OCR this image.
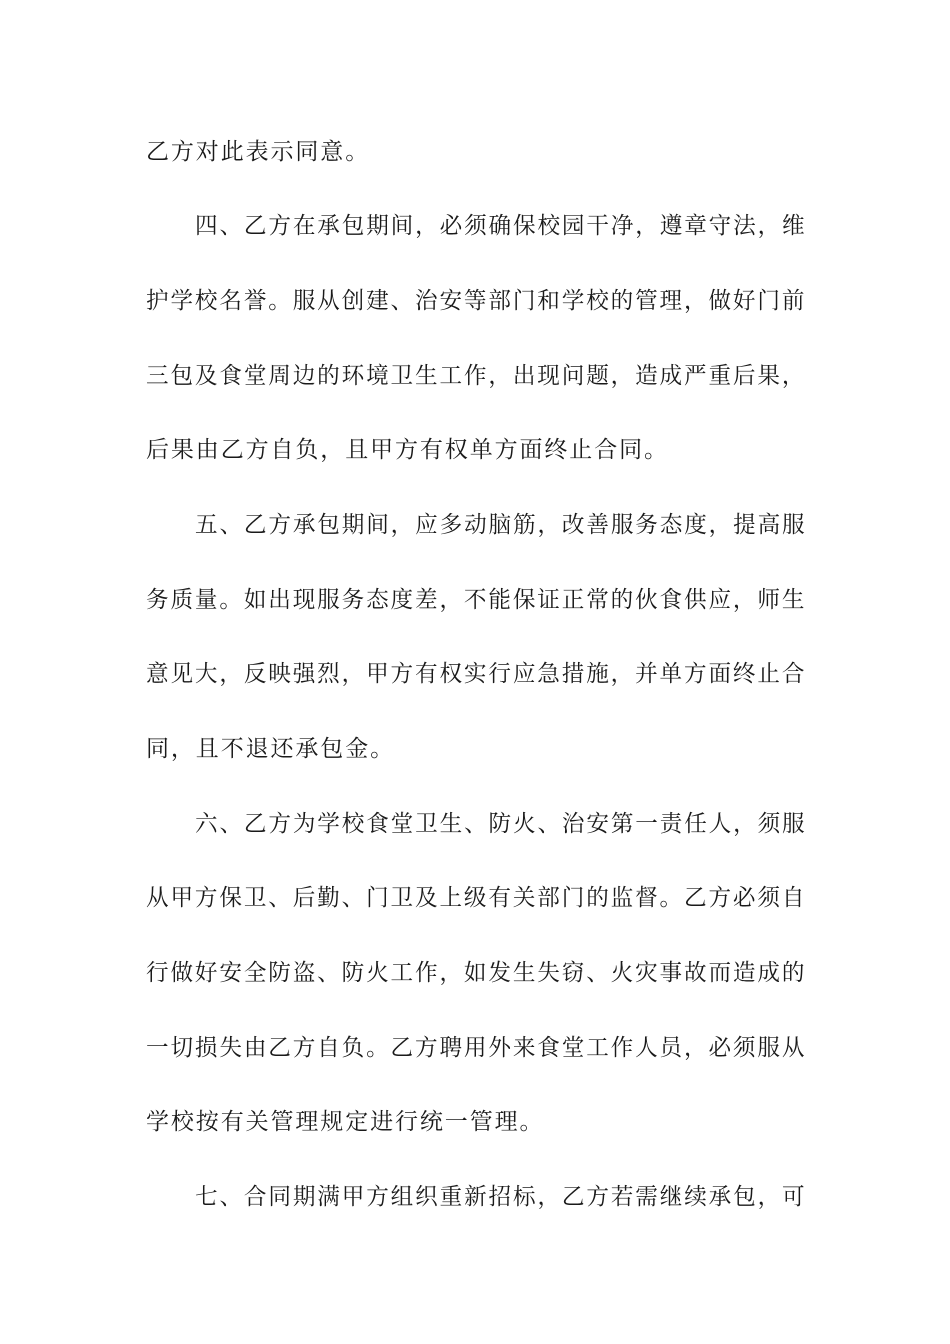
乙方对此表示同意。
四、乙方在承包期间，必须确保校园干净，遵章守法，维
护学校名誉。服从创建、治安等部门和学校的管理，做好门前
三包及食堂周边的环境卫生工作，出现问题，造成严重后果，
后果由乙方自负，且甲方有权单方面终止合同。
五、乙方承包期间，应多动脑筋，改善服务态度，提高服
务质量。如出现服务态度差，不能保证正常的伙食供应，师生
意见大，反映强烈，甲方有权实行应急措施，并单方面终止合
同，且不退还承包金。
六、乙方为学校食堂卫生、防火、治安第一责任人，须服
从甲方保卫、后勤、门卫及上级有关部门的监督。乙方必须自
行做好安全防盗、防火工作，如发生失窃、火灾事故而造成的
一切损失由乙方自负。乙方聘用外来食堂工作人员，必须服从
学校按有关管理规定进行统一管理。
七、合同期满甲方组织重新招标，乙方若需继续承包，可
